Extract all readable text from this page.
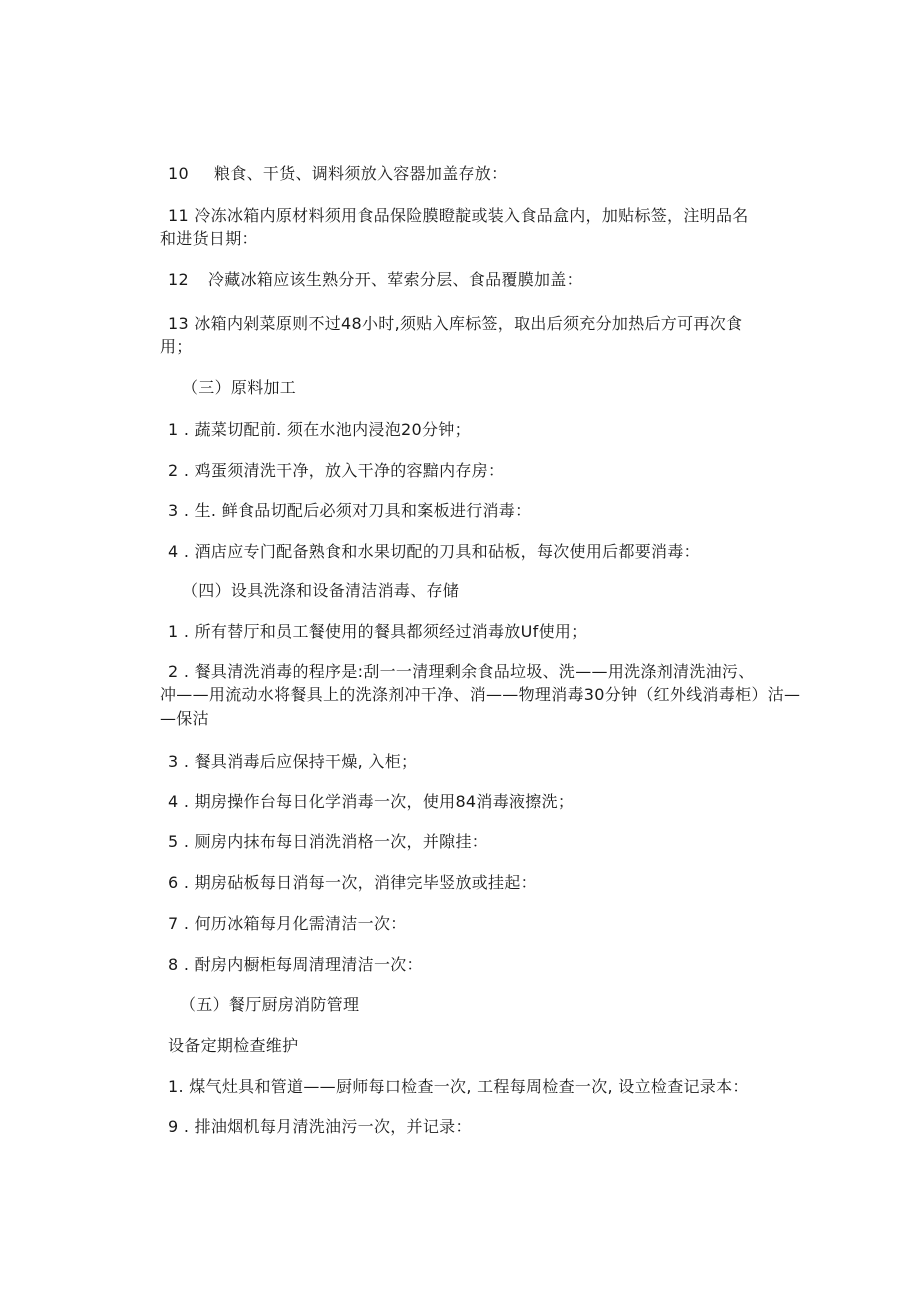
10 粮食、干货、调料须放入容器加盖存放：
11 冷冻冰箱内原材料须用食品保险膜瞪靛或装入食品盒内，加贴标签，注明品名
和进货日期：
12 冷藏冰箱应该生熟分开、荤索分层、食品覆膜加盖：
13 冰箱内剁菜原则不过48小时,须贴入库标签，取出后须充分加热后方可再次食
用；
（三）原料加工
1 . 蔬菜切配前. 须在水池内浸泡20分钟；
2 . 鸡蛋须清洗干净，放入干净的容黯内存房：
3 . 生. 鲜食品切配后必须对刀具和案板进行消毒：
4 . 酒店应专门配备熟食和水果切配的刀具和砧板，每次使用后都要消毒：
（四）设具洗涤和设备清洁消毒、存储
1 . 所有替厅和员工餐使用的餐具都须经过消毒放Uf使用；
2 . 餐具清洗消毒的程序是:刮一一清理剩余食品垃圾、洗——用洗涤剂清洗油污、
冲——用流动水将餐具上的洗涤剂冲干净、消——物理消毒30分钟（红外线消毒柜）沽—
—保沽
3 . 餐具消毒后应保持干燥, 入柜；
4 . 期房操作台每日化学消毒一次，使用84消毒液擦洗；
5 . 厕房内抹布每日消洗消格一次，并隙挂：
6 . 期房砧板每日消每一次，消律完毕竖放或挂起：
7 . 何历冰箱每月化需清洁一次：
8 . 酎房内橱柜每周清理清洁一次：
（五）餐厅厨房消防管理
设备定期检查维护
1. 煤气灶具和管道——厨师每口检查一次, 工程每周检查一次, 设立检查记录本：
9 . 排油烟机每月清洗油污一次，并记录：
